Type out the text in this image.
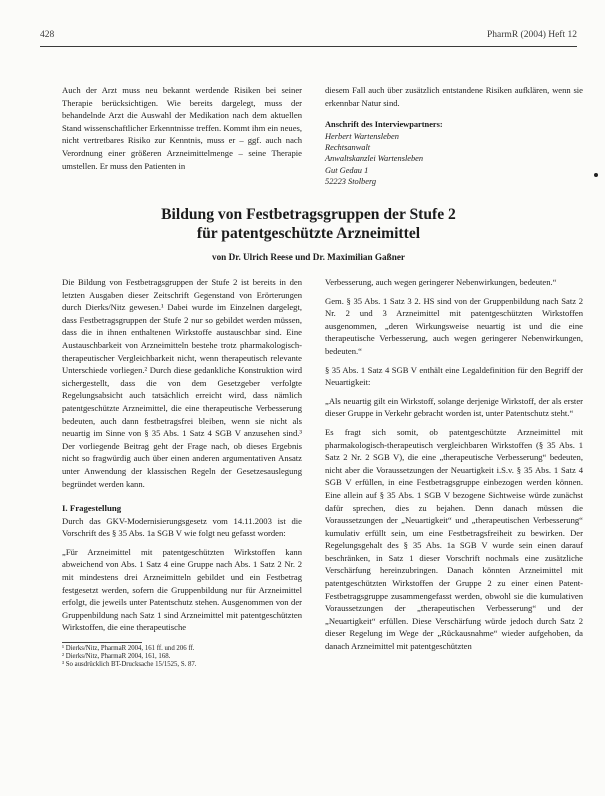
428	PharmR (2004) Heft 12

Auch der Arzt muss neu bekannt werdende Risiken bei seiner Therapie berücksichtigen. Wie bereits dargelegt, muss der behandelnde Arzt die Auswahl der Medikation nach dem aktuellen Stand wissenschaftlicher Erkenntnisse treffen. Kommt ihm ein neues, nicht vertretbares Risiko zur Kenntnis, muss er – ggf. auch nach Verordnung einer größeren Arzneimittelmenge – seine Therapie umstellen. Er muss den Patienten in

diesem Fall auch über zusätzlich entstandene Risiken aufklären, wenn sie erkennbar Natur sind.

Anschrift des Interviewpartners:
Herbert Wartensleben
Rechtsanwalt
Anwaltskanzlei Wartensleben
Gut Gedau 1
52223 Stolberg
Bildung von Festbetragsgruppen der Stufe 2
für patentgeschützte Arzneimittel
von Dr. Ulrich Reese und Dr. Maximilian Gaßner

Die Bildung von Festbetragsgruppen der Stufe 2 ist bereits in den letzten Ausgaben dieser Zeitschrift Gegenstand von Erörterungen durch Dierks/Nitz gewesen.¹ Dabei wurde im Einzelnen dargelegt, dass Festbetragsgruppen der Stufe 2 nur so gebildet werden müssen, dass die in ihnen enthaltenen Wirkstoffe austauschbar sind. Eine Austauschbarkeit von Arzneimitteln bestehe trotz pharmakologisch-therapeutischer Vergleichbarkeit nicht, wenn therapeutisch relevante Unterschiede vorliegen.² Durch diese gedankliche Konstruktion wird sichergestellt, dass die von dem Gesetzgeber verfolgte Regelungsabsicht auch tatsächlich erreicht wird, dass nämlich patentgeschützte Arzneimittel, die eine therapeutische Verbesserung bedeuten, auch dann festbetragsfrei bleiben, wenn sie nicht als neuartig im Sinne von § 35 Abs. 1 Satz 4 SGB V anzusehen sind.³ Der vorliegende Beitrag geht der Frage nach, ob dieses Ergebnis nicht so fragwürdig auch über einen anderen argumentativen Ansatz unter Anwendung der klassischen Regeln der Gesetzesauslegung begründet werden kann.

I. Fragestellung

Durch das GKV-Modernisierungsgesetz vom 14.11.2003 ist die Vorschrift des § 35 Abs. 1a SGB V wie folgt neu gefasst worden:

„Für Arzneimittel mit patentgeschützten Wirkstoffen kann abweichend von Abs. 1 Satz 4 eine Gruppe nach Abs. 1 Satz 2 Nr. 2 mit mindestens drei Arzneimitteln gebildet und ein Festbetrag festgesetzt werden, sofern die Gruppenbildung nur für Arzneimittel erfolgt, die jeweils unter Patentschutz stehen. Ausgenommen von der Gruppenbildung nach Satz 1 sind Arzneimittel mit patentgeschützten Wirkstoffen, die eine therapeutische

¹ Dierks/Nitz, PharmaR 2004, 161 ff. und 206 ff.
² Dierks/Nitz, PharmaR 2004, 161, 168.
³ So ausdrücklich BT-Drucksache 15/1525, S. 87.

Verbesserung, auch wegen geringerer Nebenwirkungen, bedeuten.“

Gem. § 35 Abs. 1 Satz 3 2. HS sind von der Gruppenbildung nach Satz 2 Nr. 2 und 3 Arzneimittel mit patentgeschützten Wirkstoffen ausgenommen, „deren Wirkungsweise neuartig ist und die eine therapeutische Verbesserung, auch wegen geringerer Nebenwirkungen, bedeuten.“

§ 35 Abs. 1 Satz 4 SGB V enthält eine Legaldefinition für den Begriff der Neuartigkeit:

„Als neuartig gilt ein Wirkstoff, solange derjenige Wirkstoff, der als erster dieser Gruppe in Verkehr gebracht worden ist, unter Patentschutz steht.“

Es fragt sich somit, ob patentgeschützte Arzneimittel mit pharmakologisch-therapeutisch vergleichbaren Wirkstoffen (§ 35 Abs. 1 Satz 2 Nr. 2 SGB V), die eine „therapeutische Verbesserung“ bedeuten, nicht aber die Voraussetzungen der Neuartigkeit i.S.v. § 35 Abs. 1 Satz 4 SGB V erfüllen, in eine Festbetragsgruppe einbezogen werden können. Eine allein auf § 35 Abs. 1 SGB V bezogene Sichtweise würde zunächst dafür sprechen, dies zu bejahen. Denn danach müssen die Voraussetzungen der „Neuartigkeit“ und „therapeutischen Verbesserung“ kumulativ erfüllt sein, um eine Festbetragsfreiheit zu bewirken. Der Regelungsgehalt des § 35 Abs. 1a SGB V wurde sein einen darauf beschränken, in Satz 1 dieser Vorschrift nochmals eine zusätzliche Verschärfung hereinzubringen. Danach könnten Arzneimittel mit patentgeschützten Wirkstoffen der Gruppe 2 zu einer einen Patent-Festbetragsgruppe zusammengefasst werden, obwohl sie die kumulativen Voraussetzungen der „therapeutischen Verbesserung“ und der „Neuartigkeit“ erfüllen. Diese Verschärfung würde jedoch durch Satz 2 dieser Regelung im Wege der „Rückausnahme“ wieder aufgehoben, da danach Arzneimittel mit patentgeschützten
